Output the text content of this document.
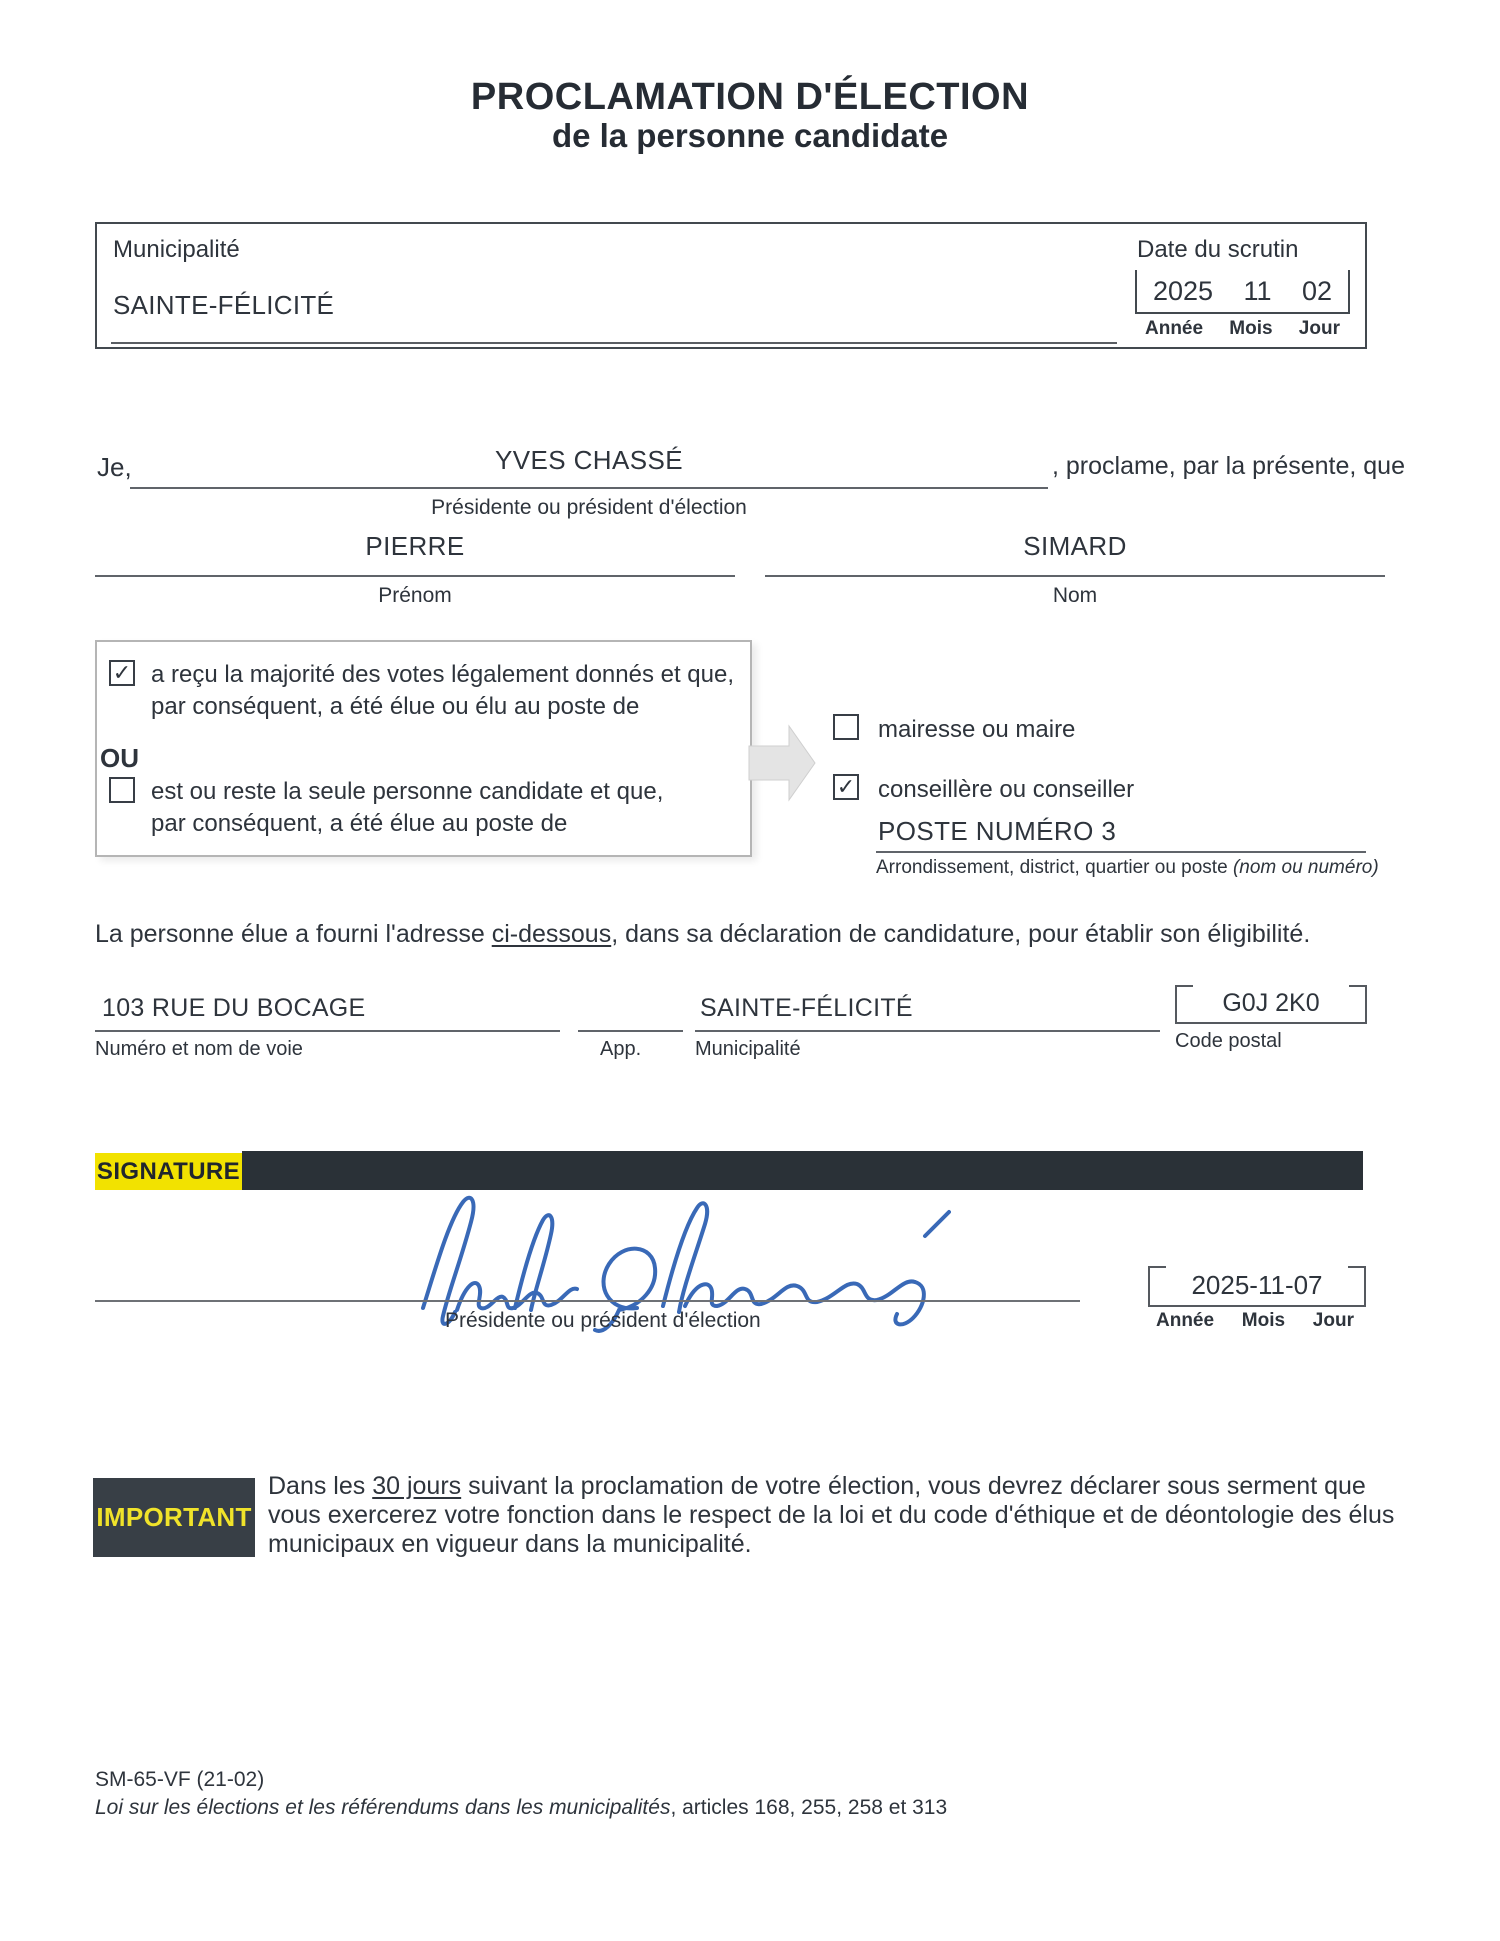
PROCLAMATION D'ÉLECTION
de la personne candidate
Municipalité
SAINTE-FÉLICITÉ
Date du scrutin
2025 11 02
Année Mois Jour
Je,	YVES CHASSÉ	, proclame, par la présente, que
Présidente ou président d'élection
PIERRE
Prénom
SIMARD
Nom
✓ a reçu la majorité des votes légalement donnés et que,
par conséquent, a été élue ou élu au poste de
OU
est ou reste la seule personne candidate et que,
par conséquent, a été élue au poste de
mairesse ou maire
✓ conseillère ou conseiller
POSTE NUMÉRO 3
Arrondissement, district, quartier ou poste (nom ou numéro)
La personne élue a fourni l'adresse ci-dessous, dans sa déclaration de candidature, pour établir son éligibilité.
103 RUE DU BOCAGE
Numéro et nom de voie	App.
SAINTE-FÉLICITÉ
Municipalité
G0J 2K0
Code postal
SIGNATURE
Présidente ou président d'élection
2025-11-07
Année Mois Jour
IMPORTANT
Dans les 30 jours suivant la proclamation de votre élection, vous devrez déclarer sous serment que vous exercerez votre fonction dans le respect de la loi et du code d'éthique et de déontologie des élus municipaux en vigueur dans la municipalité.
SM-65-VF (21-02)
Loi sur les élections et les référendums dans les municipalités, articles 168, 255, 258 et 313
